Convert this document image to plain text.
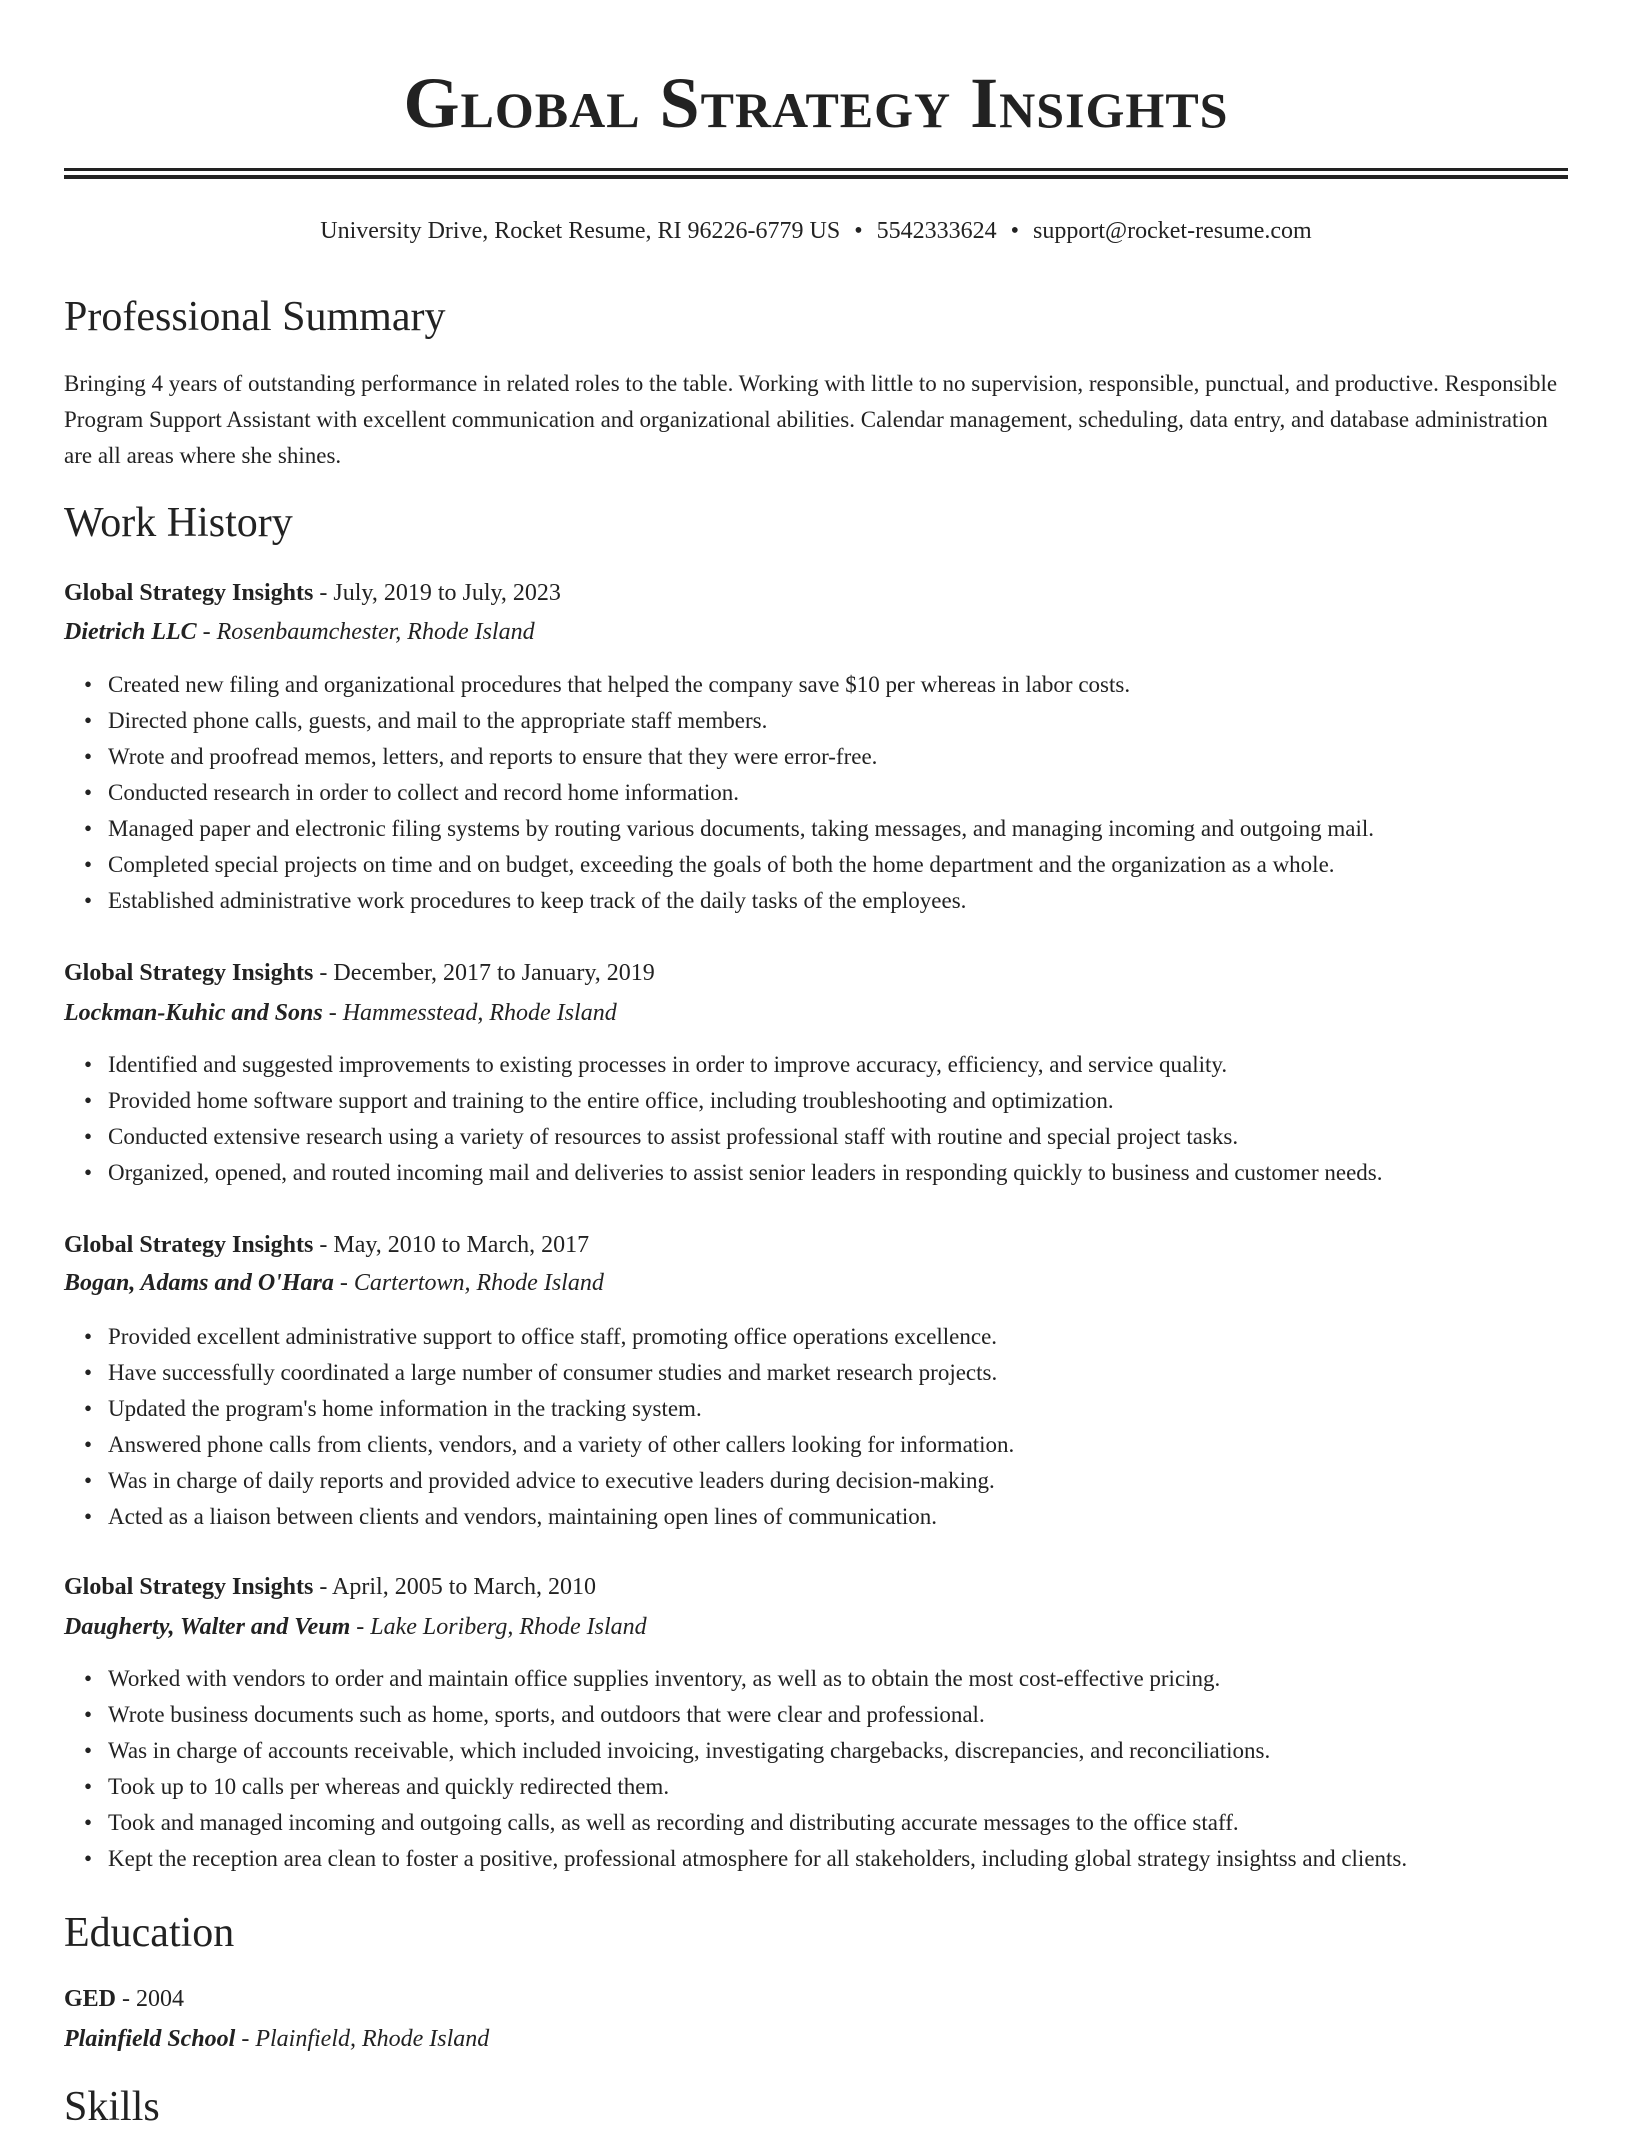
Global Strategy Insights
University Drive, Rocket Resume, RI 96226-6779 US • 5542333624 • support@rocket-resume.com
Professional Summary
Bringing 4 years of outstanding performance in related roles to the table. Working with little to no supervision, responsible, punctual, and productive. Responsible Program Support Assistant with excellent communication and organizational abilities. Calendar management, scheduling, data entry, and database administration are all areas where she shines.
Work History
Global Strategy Insights - July, 2019 to July, 2023
Dietrich LLC - Rosenbaumchester, Rhode Island
• Created new filing and organizational procedures that helped the company save $10 per whereas in labor costs.
• Directed phone calls, guests, and mail to the appropriate staff members.
• Wrote and proofread memos, letters, and reports to ensure that they were error-free.
• Conducted research in order to collect and record home information.
• Managed paper and electronic filing systems by routing various documents, taking messages, and managing incoming and outgoing mail.
• Completed special projects on time and on budget, exceeding the goals of both the home department and the organization as a whole.
• Established administrative work procedures to keep track of the daily tasks of the employees.
Global Strategy Insights - December, 2017 to January, 2019
Lockman-Kuhic and Sons - Hammesstead, Rhode Island
• Identified and suggested improvements to existing processes in order to improve accuracy, efficiency, and service quality.
• Provided home software support and training to the entire office, including troubleshooting and optimization.
• Conducted extensive research using a variety of resources to assist professional staff with routine and special project tasks.
• Organized, opened, and routed incoming mail and deliveries to assist senior leaders in responding quickly to business and customer needs.
Global Strategy Insights - May, 2010 to March, 2017
Bogan, Adams and O'Hara - Cartertown, Rhode Island
• Provided excellent administrative support to office staff, promoting office operations excellence.
• Have successfully coordinated a large number of consumer studies and market research projects.
• Updated the program's home information in the tracking system.
• Answered phone calls from clients, vendors, and a variety of other callers looking for information.
• Was in charge of daily reports and provided advice to executive leaders during decision-making.
• Acted as a liaison between clients and vendors, maintaining open lines of communication.
Global Strategy Insights - April, 2005 to March, 2010
Daugherty, Walter and Veum - Lake Loriberg, Rhode Island
• Worked with vendors to order and maintain office supplies inventory, as well as to obtain the most cost-effective pricing.
• Wrote business documents such as home, sports, and outdoors that were clear and professional.
• Was in charge of accounts receivable, which included invoicing, investigating chargebacks, discrepancies, and reconciliations.
• Took up to 10 calls per whereas and quickly redirected them.
• Took and managed incoming and outgoing calls, as well as recording and distributing accurate messages to the office staff.
• Kept the reception area clean to foster a positive, professional atmosphere for all stakeholders, including global strategy insightss and clients.
Education
GED - 2004
Plainfield School - Plainfield, Rhode Island
Skills
